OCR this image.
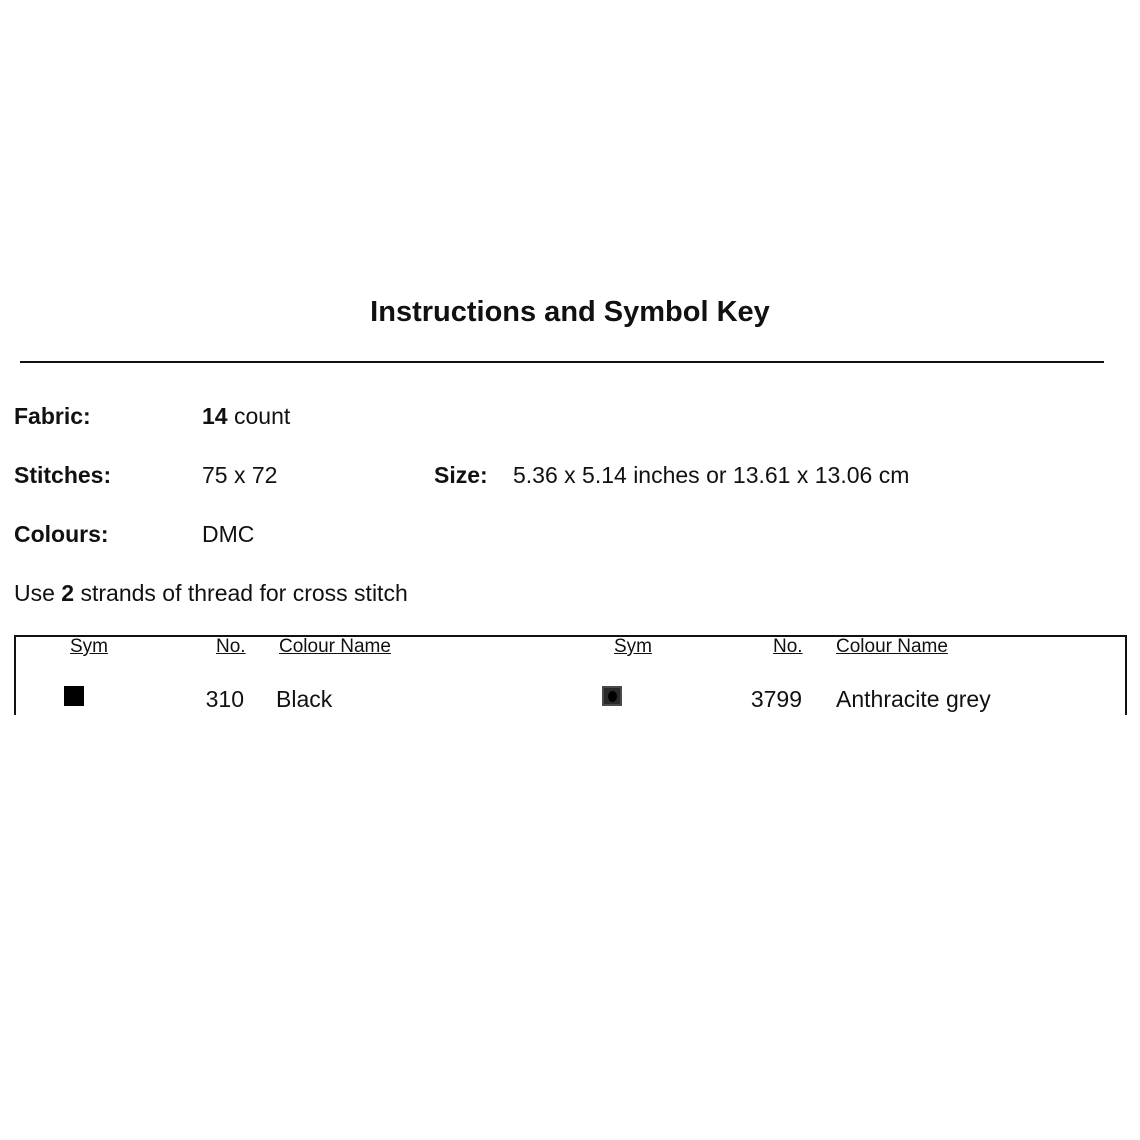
Instructions and Symbol Key
Fabric:	14 count
Stitches:	75 x 72	Size: 5.36 x 5.14 inches or 13.61 x 13.06 cm
Colours:	DMC
Use 2 strands of thread for cross stitch
Sym	No. Colour Name	Sym	No. Colour Name
310 Black	3799 Anthracite grey
